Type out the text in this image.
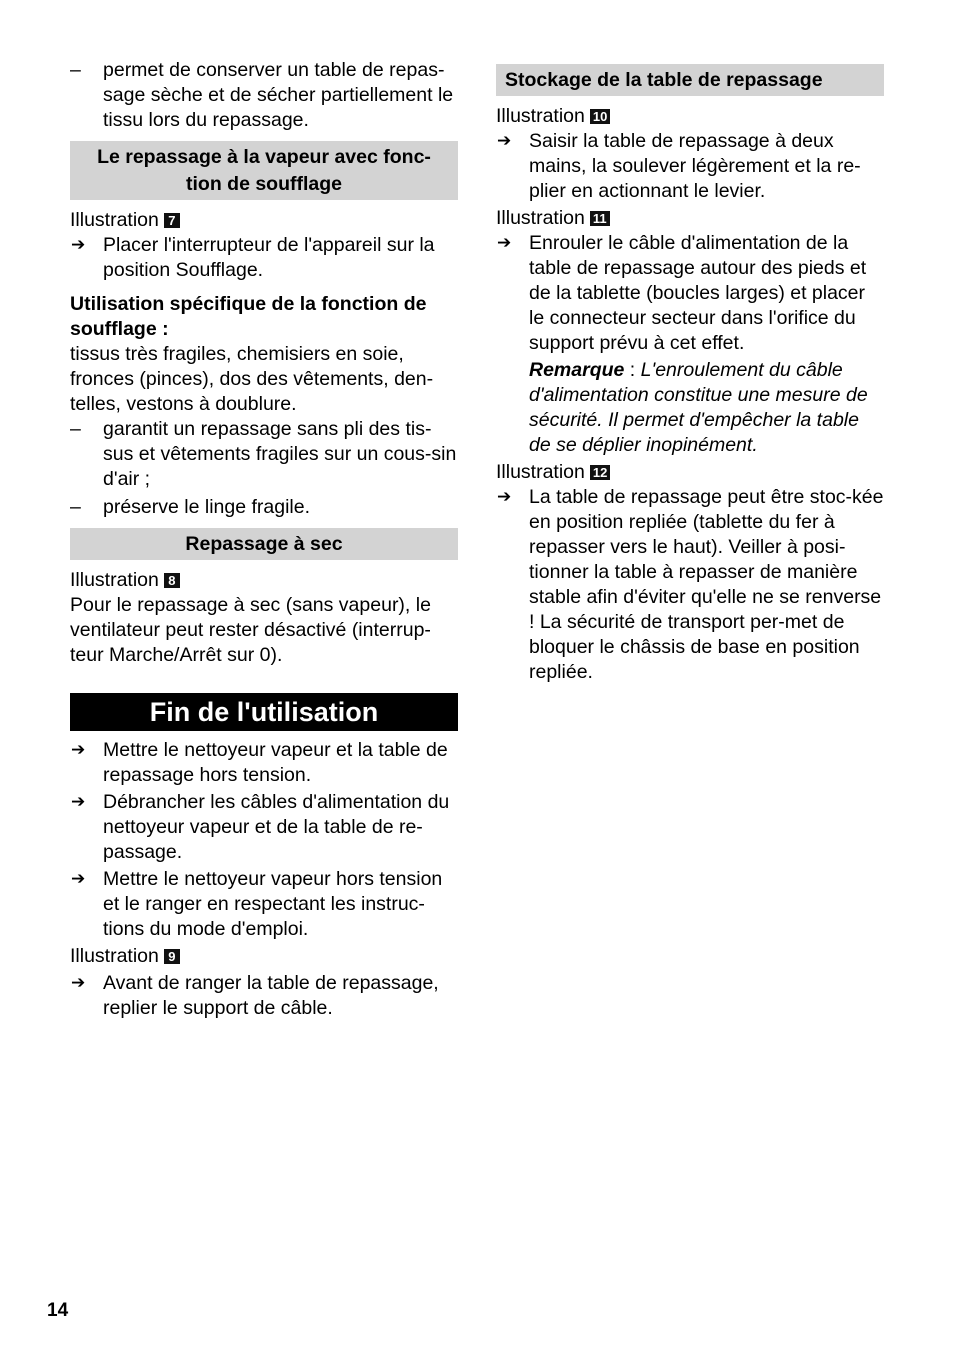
– permet de conserver un table de repas-sage sèche et de sécher partiellement le tissu lors du repassage.

Le repassage à la vapeur avec fonc-
tion de soufflage

Illustration 7

➔ Placer l'interrupteur de l'appareil sur la position Soufflage.

Utilisation spécifique de la fonction de soufflage :

tissus très fragiles, chemisiers en soie, fronces (pinces), dos des vêtements, den-telles, vestons à doublure.

– garantit un repassage sans pli des tis-sus et vêtements fragiles sur un cous-sin d'air ;

– préserve le linge fragile.

Repassage à sec

Illustration 8

Pour le repassage à sec (sans vapeur), le ventilateur peut rester désactivé (interrup-teur Marche/Arrêt sur 0).

Fin de l'utilisation

➔ Mettre le nettoyeur vapeur et la table de repassage hors tension.

➔ Débrancher les câbles d'alimentation du nettoyeur vapeur et de la table de re-passage.

➔ Mettre le nettoyeur vapeur hors tension et le ranger en respectant les instruc-tions du mode d'emploi.

Illustration 9

➔ Avant de ranger la table de repassage, replier le support de câble.

Stockage de la table de repassage

Illustration 10

➔ Saisir la table de repassage à deux mains, la soulever légèrement et la re-plier en actionnant le levier.

Illustration 11

➔ Enrouler le câble d'alimentation de la table de repassage autour des pieds et de la tablette (boucles larges) et placer le connecteur secteur dans l'orifice du support prévu à cet effet.

Remarque : L'enroulement du câble d'alimentation constitue une mesure de sécurité. Il permet d'empêcher la table de se déplier inopinément.

Illustration 12

➔ La table de repassage peut être stoc-kée en position repliée (tablette du fer à repasser vers le haut). Veiller à posi-tionner la table à repasser de manière stable afin d'éviter qu'elle ne se renverse ! La sécurité de transport per-met de bloquer le châssis de base en position repliée.

14
